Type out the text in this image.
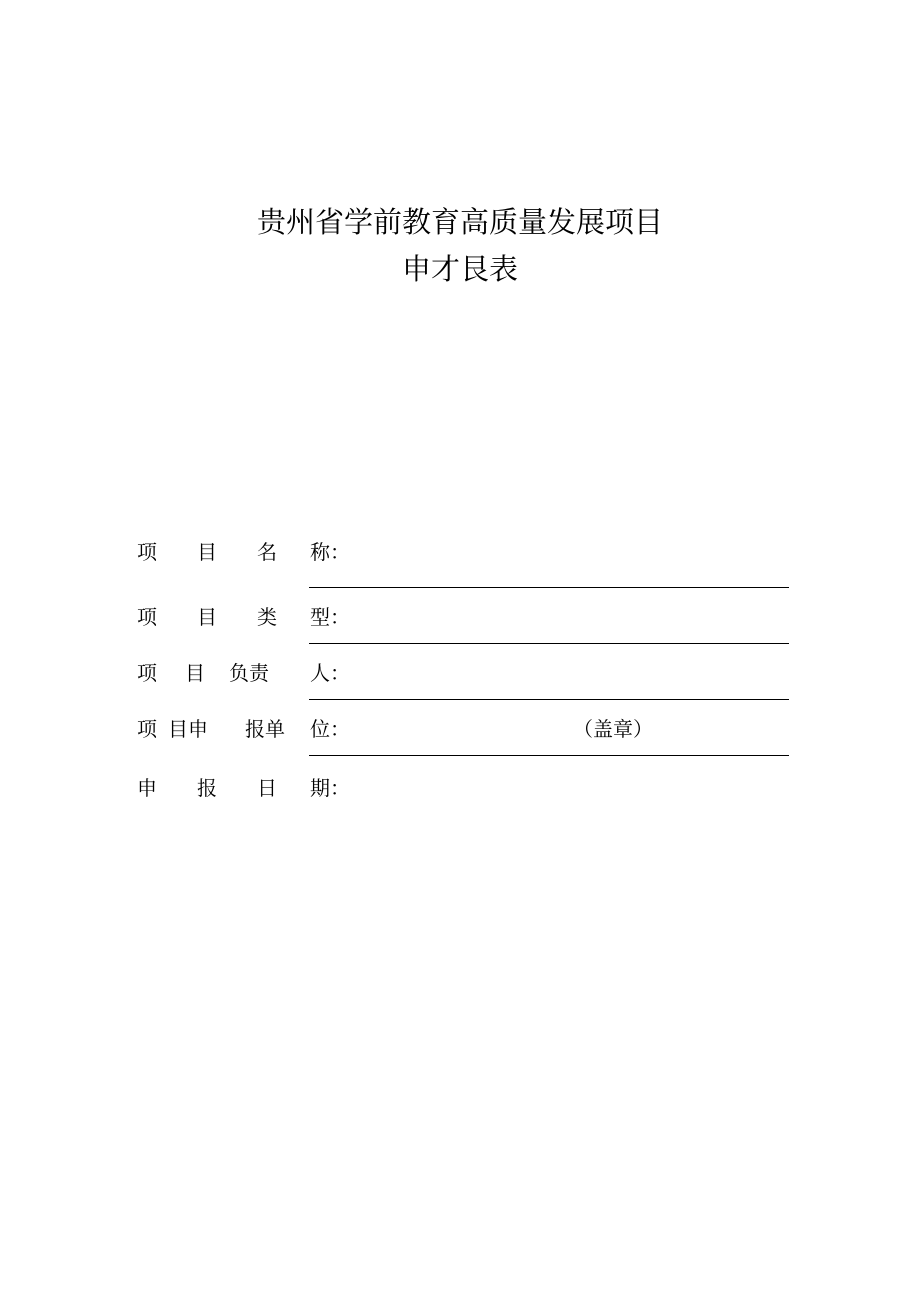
贵州省学前教育高质量发展项目
申才艮表
项 目 名 称：
项 目 类 型：
项 目 负责 人：
项 目申 报单 位：	（盖章）
申 报 日 期：
